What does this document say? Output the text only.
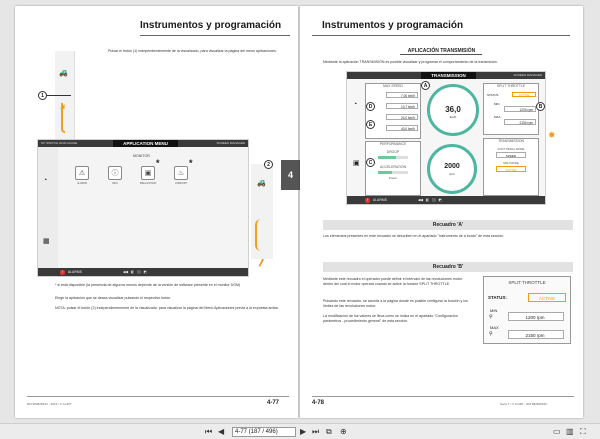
Instrumentos y programación
🚜
◢
1
Pulsar el botón (1) independientemente de la visualizado, para visualizar la página del menú aplicaciones.
MY SWITCH 2018 GAUGE	APPLICATION MENU	SCREEN MANAGER
◔
▦
MONITOR
⚠
ALARMS
ⓘ
INFO
▣
PRE-IGNITION
*
♨
COMFORT
*
! ALARMS	◀◀   ◧   ▯▯   ◩
🚜
2
* si está disponible (la presencia de algunos menús depende de la versión de software presente en el monitor DGM)
Elegir la aplicación que se desea visualizar pulsando el respectivo botón.
NOTA: pulsar el botón (2) independientemente de la visualizado, para visualizar la página del Menú Aplicaciones previa a la expuesta arriba.
RM 98282834C - 2019 / V 0-HRT	4-77
4
Instrumentos y programación
APLICACIÓN TRANSMISIÓN
Mediante la aplicación TRANSMISIÓN es posible visualizar y programar el comportamiento de la transmisión.
TRANSMISSION	SCREEN MANAGER
MAX SPEED
7,00 km/h
10,7 km/h
24,0 km/h
40,0 km/h
PERFORMANCE
DROOP
ACCELERATION
Power
36,0
km/h
2000
rpm
SPLIT THROTTLE
STATUS	ACTIVE
MIN
1200 rpm
MAX
2150 rpm
TRANSMISSION
FOOT PEDAL MODE
SPEED
MPH MODE
ACTIVE
! ALARMS	◀◀   ◧   ▯▯   ◩
A
B
C
D
E
◔
▣
✹
Recuadro 'A'
Los elementos presentes en este recuadro se describen en el apartado "Instrumento de a bordo" de esta sección.
Recuadro 'B'
Mediante este recuadro el operador puede definir el intervalo de las revoluciones motor dentro del cual el motor operará cuando se active la función SPLIT THROTTLE.
Pulsando este recuadro, se accede a la página donde es posible configurar la función y los límites de las revoluciones motor.
La modificación de los valores se lleva como se indica en el apartado "Configuración parámetros - procedimiento general" de esta sección.
SPLIT THROTTLE
STATUS:	ACTIVE
MIN
⚲	1200 rpm
MAX
⚲	2150 rpm
4-78	Serie T / V 0-HRT - RM 98282834C
⏮ ◀	4-77 (187 / 496)	▶ ⏭ ⧉ ⊕	▭ ▥ ⛶
